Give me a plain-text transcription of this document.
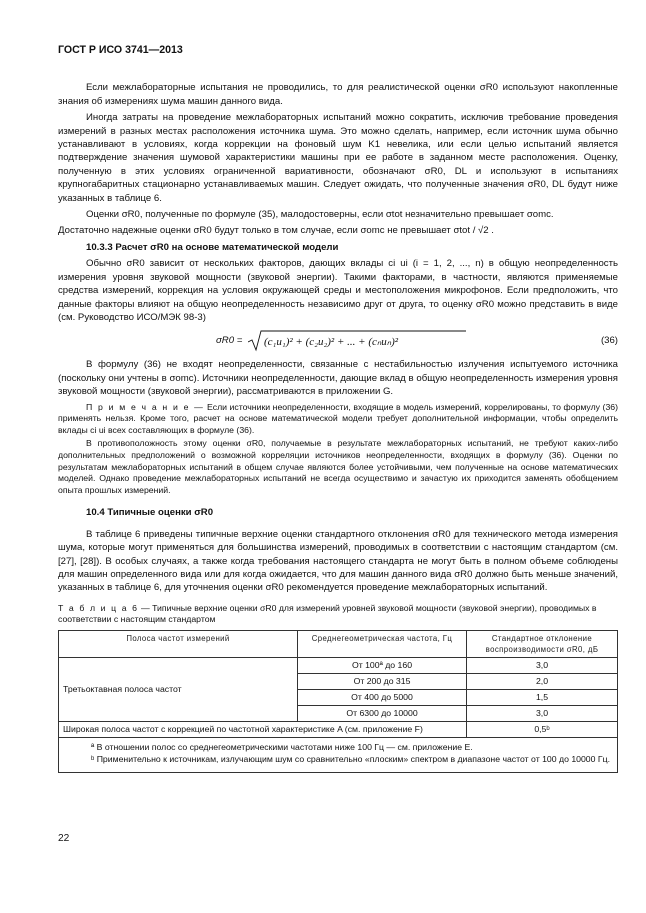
ГОСТ Р ИСО 3741—2013

Если межлабораторные испытания не проводились, то для реалистической оценки σR0 используют накопленные знания об измерениях шума машин данного вида.

Иногда затраты на проведение межлабораторных испытаний можно сократить, исключив требование проведения измерений в разных местах расположения источника шума. Это можно сделать, например, если источник шума обычно устанавливают в условиях, когда коррекции на фоновый шум K1 невелика, или если целью испытаний является подтверждение значения шумовой характеристики машины при ее работе в заданном месте расположения. Оценку, полученную в этих условиях ограниченной вариативности, обозначают σR0, DL и используют в испытаниях крупногабаритных стационарно устанавливаемых машин. Следует ожидать, что полученные значения σR0, DL будут ниже указанных в таблице 6.

Оценки σR0, полученные по формуле (35), малодостоверны, если σtot незначительно превышает σomc.

Достаточно надежные оценки σR0 будут только в том случае, если σomc не превышает σtot / √2 .

10.3.3 Расчет σR0 на основе математической модели

Обычно σR0 зависит от нескольких факторов, дающих вклады ci ui (i = 1, 2, ..., n) в общую неопределенность измерения уровня звуковой мощности (звуковой энергии). Такими факторами, в частности, являются применяемые средства измерений, коррекция на условия окружающей среды и местоположения микрофонов. Если предположить, что данные факторы влияют на общую неопределенность независимо друг от друга, то оценку σR0 можно представить в виде (см. Руководство ИСО/МЭК 98-3)

σR0 = (c₁u₁)² + (c₂u₂)² + ... + (cₙuₙ)²	(36)

В формулу (36) не входят неопределенности, связанные с нестабильностью излучения испытуемого источника (поскольку они учтены в σomc). Источники неопределенности, дающие вклад в общую неопределенность измерения уровня звуковой мощности (звуковой энергии), рассматриваются в приложении G.

П р и м е ч а н и е — Если источники неопределенности, входящие в модель измерений, коррелированы, то формулу (36) применять нельзя. Кроме того, расчет на основе математической модели требует дополнительной информации, чтобы определить вклады ci ui всех составляющих в формуле (36).
В противоположность этому оценки σR0, получаемые в результате межлабораторных испытаний, не требуют каких-либо дополнительных предположений о возможной корреляции источников неопределенности, входящих в формулу (36). Оценки по результатам межлабораторных испытаний в общем случае являются более устойчивыми, чем полученные на основе математических моделей. Однако проведение межлабораторных испытаний не всегда осуществимо и зачастую их приходится заменять обобщением опыта прошлых измерений.
10.4 Типичные оценки σR0

В таблице 6 приведены типичные верхние оценки стандартного отклонения σR0 для технического метода измерения шума, которые могут применяться для большинства измерений, проводимых в соответствии с настоящим стандартом (см. [27], [28]). В особых случаях, а также когда требования настоящего стандарта не могут быть в полном объеме соблюдены для машин определенного вида или для когда ожидается, что для машин данного вида σR0 должно быть меньше значений, указанных в таблице 6, для уточнения оценки σR0 рекомендуется проведение межлабораторных испытаний.

Т а б л и ц а 6 — Типичные верхние оценки σR0 для измерений уровней звуковой мощности (звуковой энергии), проводимых в соответствии с настоящим стандартом
Полоса частот измерений	Среднегеометрическая частота, Гц	Стандартное отклонение воспроизводимости σR0, дБ
Третьоктавная полоса частот	От 100ª до 160	3,0
	От 200 до 315	2,0
	От 400 до 5000	1,5
	От 6300 до 10000	3,0
Широкая полоса частот с коррекцией по частотной характеристике A (см. приложение F)		0,5ᵇ

ª В отношении полос со среднегеометрическими частотами ниже 100 Гц — см. приложение E.
ᵇ Применительно к источникам, излучающим шум со сравнительно «плоским» спектром в диапазоне частот от 100 до 10000 Гц.		
22
